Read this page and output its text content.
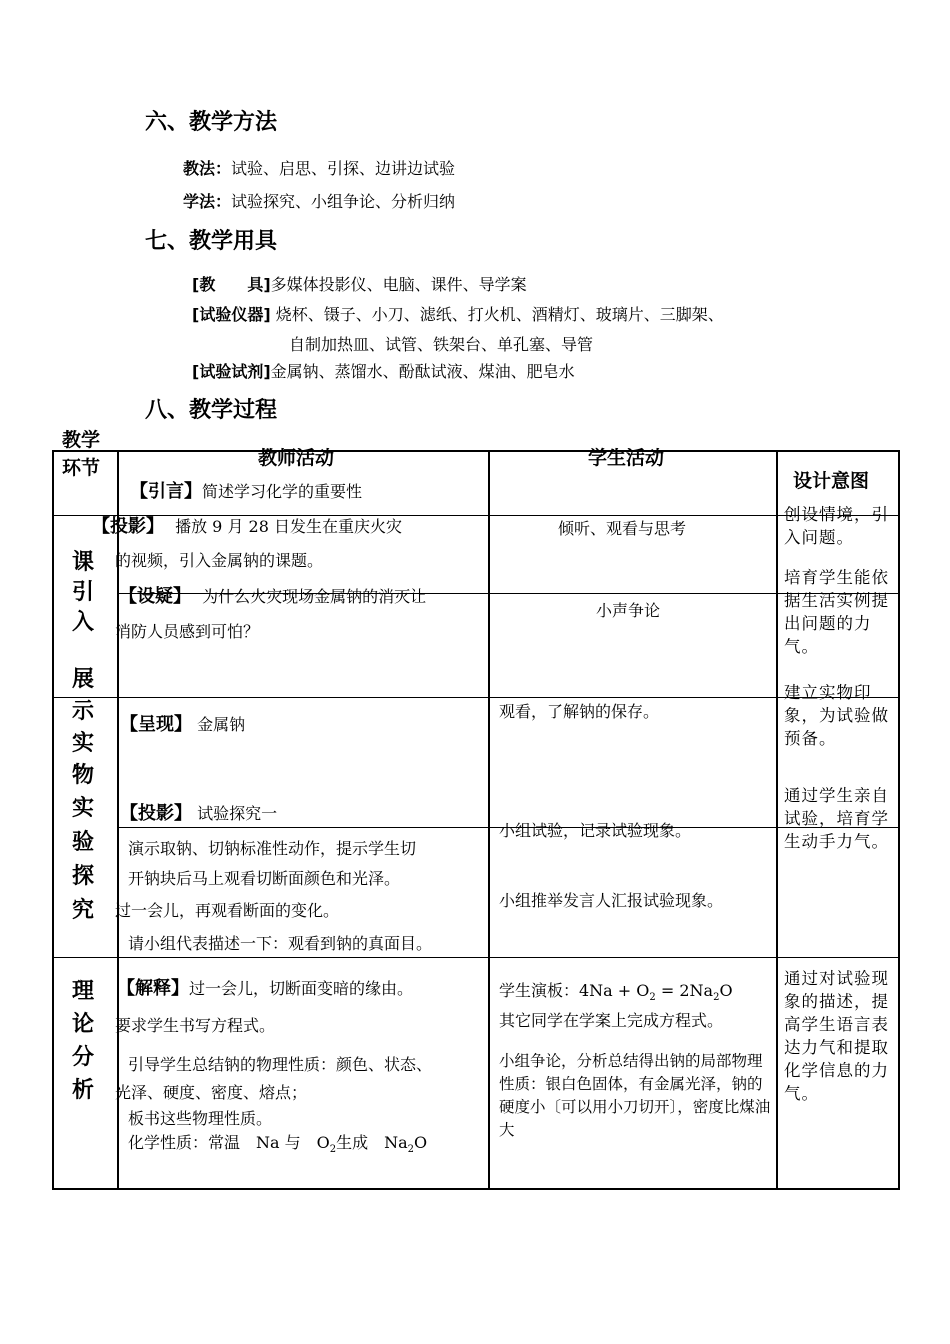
六、教学方法
教法：试验、启思、引探、边讲边试验
学法：试验探究、小组争论、分析归纳
七、教学用具
[教　　具]多媒体投影仪、电脑、课件、导学案
[试验仪器] 烧杯、镊子、小刀、滤纸、打火机、酒精灯、玻璃片、三脚架、
自制加热皿、试管、铁架台、单孔塞、导管
[试验试剂]金属钠、蒸馏水、酚酞试液、煤油、肥皂水
八、教学过程
教学
环节	教师活动	学生活动
设计意图
课
引
入
展
示
实
物
实
验
探
究
理
论
分
析
【引言】简述学习化学的重要性
【投影】 播放 9 月 28 日发生在重庆火灾
的视频，引入金属钠的课题。
【设疑】 为什么火灾现场金属钠的消灭让
消防人员感到可怕？
【呈现】 金属钠
【投影】 试验探究一
演示取钠、切钠标准性动作，提示学生切
开钠块后马上观看切断面颜色和光泽。
过一会儿，再观看断面的变化。
请小组代表描述一下：观看到钠的真面目。
【解释】过一会儿，切断面变暗的缘由。
要求学生书写方程式。
引导学生总结钠的物理性质：颜色、状态、
光泽、硬度、密度、熔点；
板书这些物理性质。
化学性质：常温　Na 与　$O_2$生成　$Na_2O$
倾听、观看与思考
小声争论
观看，了解钠的保存。
小组试验，记录试验现象。
小组推举发言人汇报试验现象。
学生演板：$4Na + O_2 = 2Na_2O$
其它同学在学案上完成方程式。
小组争论，分析总结得出钠的局部物理性质：银白色固体，有金属光泽，钠的硬度小〔可以用小刀切开〕，密度比煤油大
创设情境，引入问题。
培育学生能依据生活实例提出问题的力气。
建立实物印象，为试验做预备。
通过学生亲自试验，培育学生动手力气。
通过对试验现象的描述，提高学生语言表达力气和提取化学信息的力气。
